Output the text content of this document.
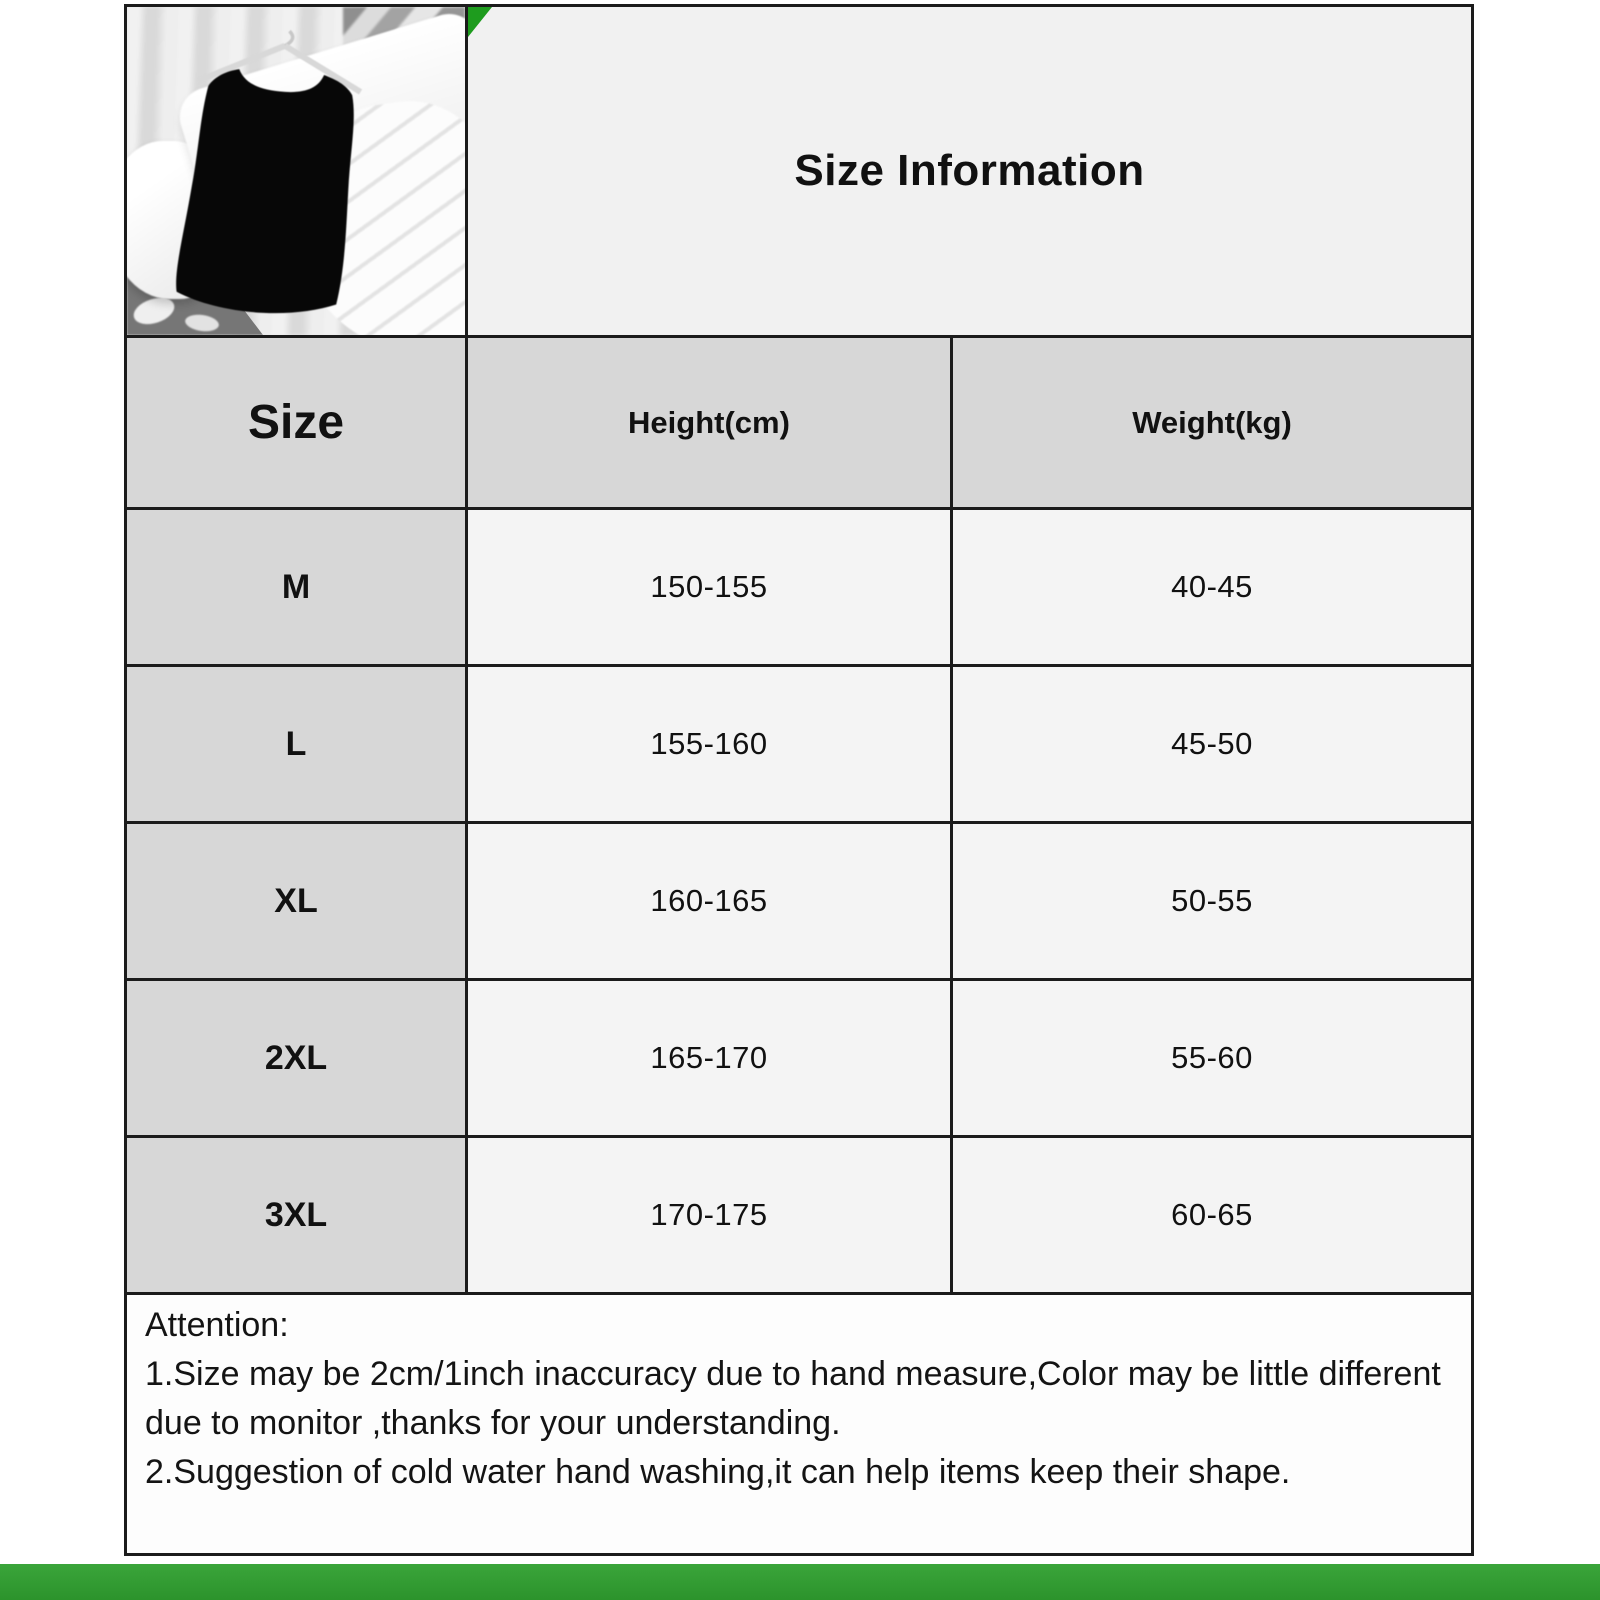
Size Information
Size	Height(cm)	Weight(kg)
M	150-155	40-45
L	155-160	45-50
XL	160-165	50-55
2XL	165-170	55-60
3XL	170-175	60-65
Attention:
1.Size may be 2cm/1inch inaccuracy due to hand measure,Color may be little different due to monitor ,thanks for your understanding.
2.Suggestion of cold water hand washing,it can help items keep their shape.
